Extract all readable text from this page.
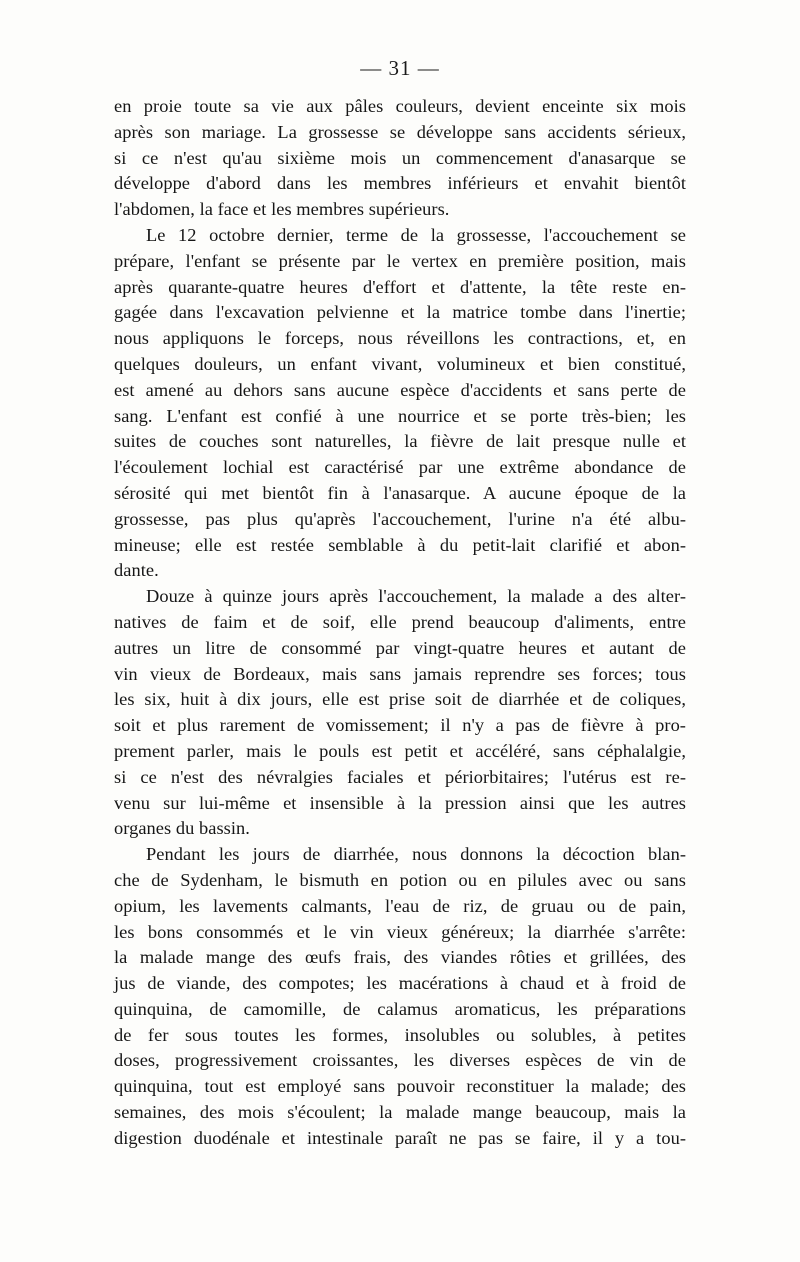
— 31 —
en proie toute sa vie aux pâles couleurs, devient enceinte six mois
après son mariage. La grossesse se développe sans accidents sérieux,
si ce n'est qu'au sixième mois un commencement d'anasarque se
développe d'abord dans les membres inférieurs et envahit bientôt
l'abdomen, la face et les membres supérieurs.
Le 12 octobre dernier, terme de la grossesse, l'accouchement se
prépare, l'enfant se présente par le vertex en première position, mais
après quarante-quatre heures d'effort et d'attente, la tête reste en-
gagée dans l'excavation pelvienne et la matrice tombe dans l'inertie;
nous appliquons le forceps, nous réveillons les contractions, et, en
quelques douleurs, un enfant vivant, volumineux et bien constitué,
est amené au dehors sans aucune espèce d'accidents et sans perte de
sang. L'enfant est confié à une nourrice et se porte très-bien; les
suites de couches sont naturelles, la fièvre de lait presque nulle et
l'écoulement lochial est caractérisé par une extrême abondance de
sérosité qui met bientôt fin à l'anasarque. A aucune époque de la
grossesse, pas plus qu'après l'accouchement, l'urine n'a été albu-
mineuse; elle est restée semblable à du petit-lait clarifié et abon-
dante.
Douze à quinze jours après l'accouchement, la malade a des alter-
natives de faim et de soif, elle prend beaucoup d'aliments, entre
autres un litre de consommé par vingt-quatre heures et autant de
vin vieux de Bordeaux, mais sans jamais reprendre ses forces; tous
les six, huit à dix jours, elle est prise soit de diarrhée et de coliques,
soit et plus rarement de vomissement; il n'y a pas de fièvre à pro-
prement parler, mais le pouls est petit et accéléré, sans céphalalgie,
si ce n'est des névralgies faciales et périorbitaires; l'utérus est re-
venu sur lui-même et insensible à la pression ainsi que les autres
organes du bassin.
Pendant les jours de diarrhée, nous donnons la décoction blan-
che de Sydenham, le bismuth en potion ou en pilules avec ou sans
opium, les lavements calmants, l'eau de riz, de gruau ou de pain,
les bons consommés et le vin vieux généreux; la diarrhée s'arrête:
la malade mange des œufs frais, des viandes rôties et grillées, des
jus de viande, des compotes; les macérations à chaud et à froid de
quinquina, de camomille, de calamus aromaticus, les préparations
de fer sous toutes les formes, insolubles ou solubles, à petites
doses, progressivement croissantes, les diverses espèces de vin de
quinquina, tout est employé sans pouvoir reconstituer la malade; des
semaines, des mois s'écoulent; la malade mange beaucoup, mais la
digestion duodénale et intestinale paraît ne pas se faire, il y a tou-
